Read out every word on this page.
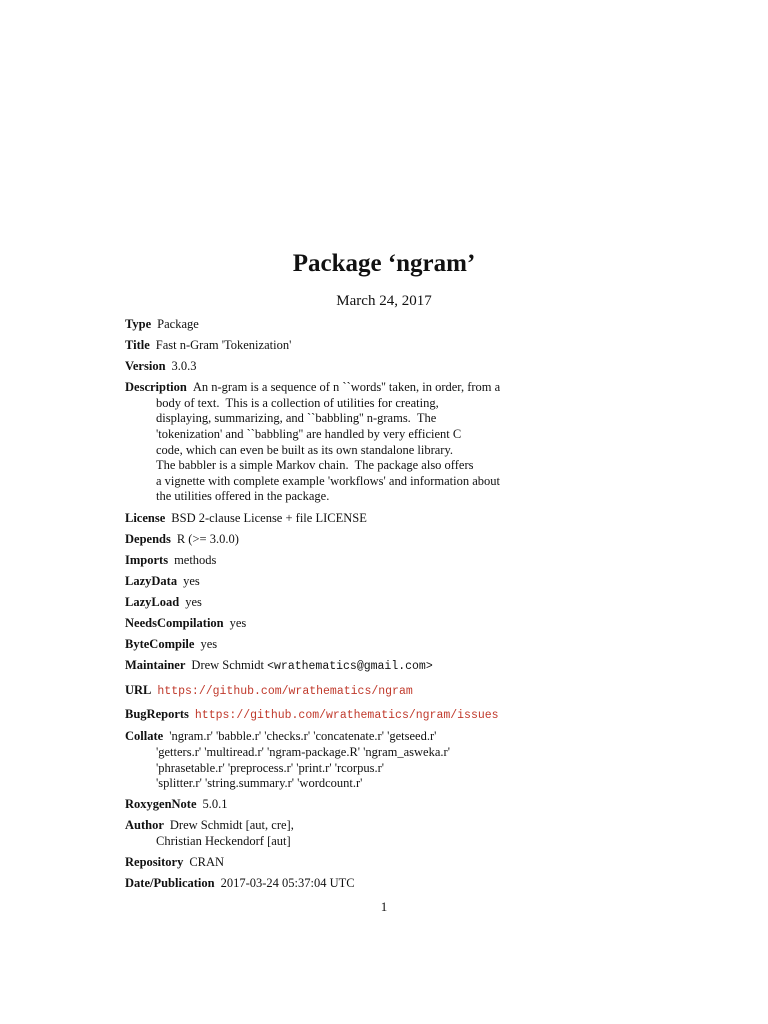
Package ‘ngram’
March 24, 2017
Type Package
Title Fast n-Gram 'Tokenization'
Version 3.0.3
Description An n-gram is a sequence of n ``words'' taken, in order, from a
body of text.  This is a collection of utilities for creating,
displaying, summarizing, and ``babbling'' n-grams.  The
'tokenization' and ``babbling'' are handled by very efficient C
code, which can even be built as its own standalone library.
The babbler is a simple Markov chain.  The package also offers
a vignette with complete example 'workflows' and information about
the utilities offered in the package.
License BSD 2-clause License + file LICENSE
Depends R (>= 3.0.0)
Imports methods
LazyData yes
LazyLoad yes
NeedsCompilation yes
ByteCompile yes
Maintainer Drew Schmidt <wrathematics@gmail.com>
URL https://github.com/wrathematics/ngram
BugReports https://github.com/wrathematics/ngram/issues
Collate 'ngram.r' 'babble.r' 'checks.r' 'concatenate.r' 'getseed.r'
'getters.r' 'multiread.r' 'ngram-package.R' 'ngram_asweka.r'
'phrasetable.r' 'preprocess.r' 'print.r' 'rcorpus.r'
'splitter.r' 'string.summary.r' 'wordcount.r'
RoxygenNote 5.0.1
Author Drew Schmidt [aut, cre],
Christian Heckendorf [aut]
Repository CRAN
Date/Publication 2017-03-24 05:37:04 UTC
1
